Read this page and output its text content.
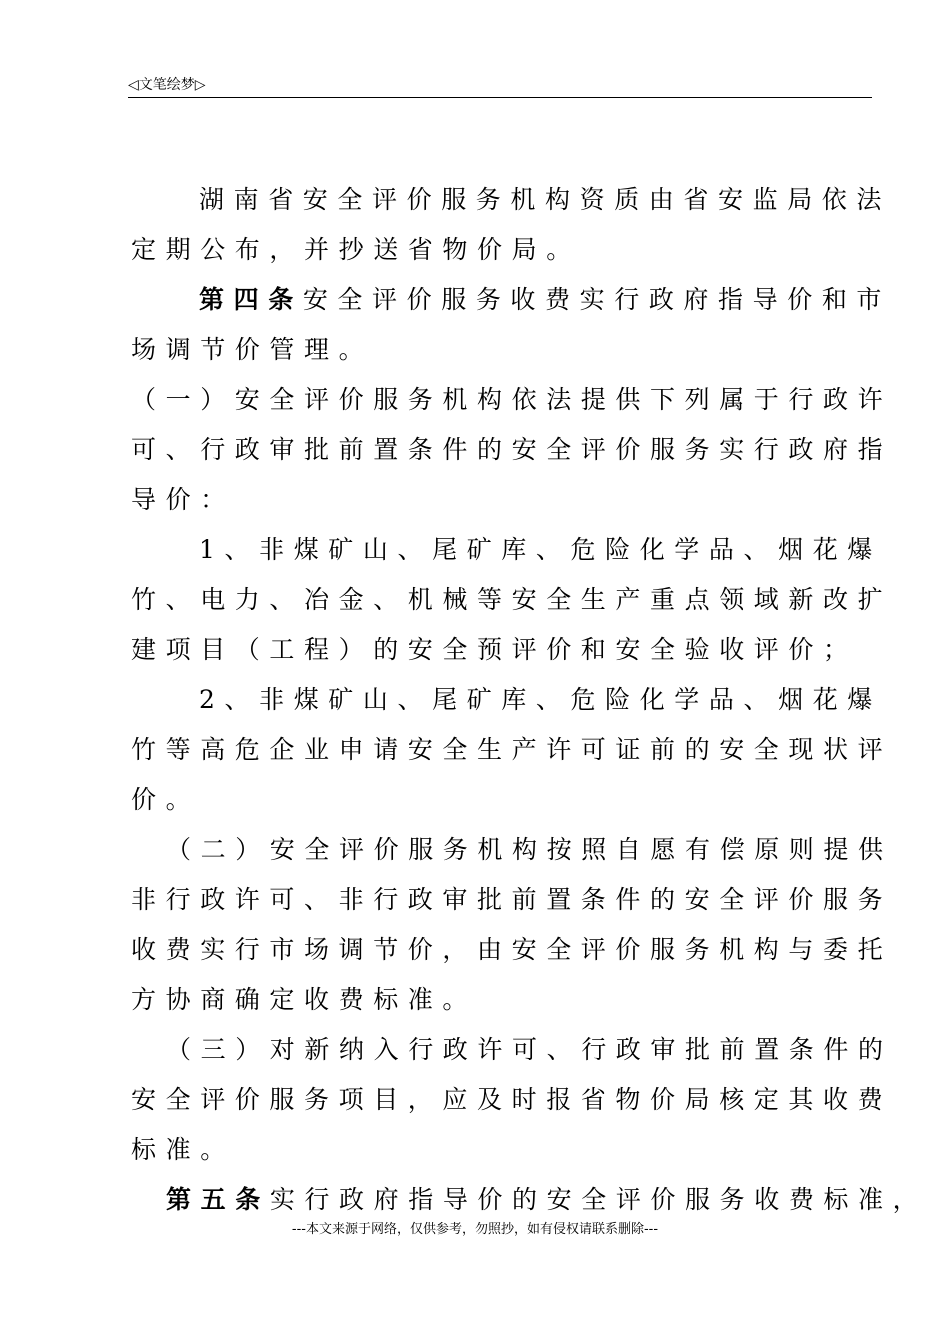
◁文笔绘梦▷
湖南省安全评价服务机构资质由省安监局依法
定期公布，并抄送省物价局。
第四条安全评价服务收费实行政府指导价和市
场调节价管理。
（一）安全评价服务机构依法提供下列属于行政许
可、行政审批前置条件的安全评价服务实行政府指
导价：
1、非煤矿山、尾矿库、危险化学品、烟花爆
竹、电力、冶金、机械等安全生产重点领域新改扩
建项目（工程）的安全预评价和安全验收评价；
2、非煤矿山、尾矿库、危险化学品、烟花爆
竹等高危企业申请安全生产许可证前的安全现状评
价。
（二）安全评价服务机构按照自愿有偿原则提供
非行政许可、非行政审批前置条件的安全评价服务
收费实行市场调节价，由安全评价服务机构与委托
方协商确定收费标准。
（三）对新纳入行政许可、行政审批前置条件的
安全评价服务项目，应及时报省物价局核定其收费
标准。
第五条实行政府指导价的安全评价服务收费标准，
---本文来源于网络，仅供参考，勿照抄，如有侵权请联系删除---
